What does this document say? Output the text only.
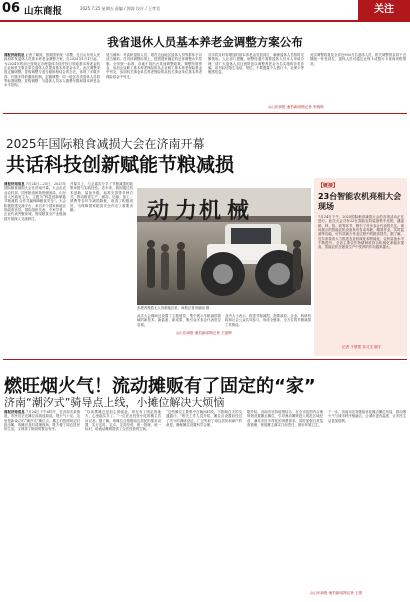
06 山东商报	2025.7.25 星期五 责编 / 郭涛 设计 / 王孝君	关注
我省退休人员基本养老金调整方案公布
商报济南消息 记者了解到，按照国家统一部署，近日山东省人民政府印发退休人员基本养老金调整方案，自2025年1月1日起，为2024年底前已按规定办理退休手续并按月领取基本养老金的企业和机关事业单位退休人员提高基本养老金水平。此次调整采取定额调整、挂钩调整与适当倾斜相结合的办法，体现了多缴多得、长缴多得的激励机制。定额调整：同一地区各类退休人员同等标准调整。挂钩调整：与退休人员本人缴费年限和基本养老金水平挂钩。
适当倾斜：对高龄退休人员、艰苦边远地区退休人员等群体予以适当倾斜。在具体调整标准上，按照国家确定的总体调整水平控制，全省统一标准，各地不再出台其他调整政策。调整所需资金，参加企业职工基本养老保险的从企业职工基本养老保险基金中列支，参加机关事业单位养老保险的从机关事业单位基本养老保险基金中列支。
各市将及时将增加的基本养老金发放到位，确保退休人员按时足额领取。人社部门提醒，调整待遇不需要退休人员本人申请办理，请广大退休人员注意防范以调整养老金为名实施的各类诈骗，切勿轻信陌生电话、短信，不要透露个人银行卡、社保卡等敏感信息。
此次调整将惠及全省近900万名退休人员，相关调整资金将于近期统一补发到位，退休人员可通过社保卡或银行卡查询到账情况。
◎山东商报·速豹新闻网记者 李瑞琪
2025年国际粮食减损大会在济南开幕
共话科技创新赋能节粮减损
商报济南消息 7月24日—25日，2025年国际粮食减损大会在济南开幕。大会由农业农村部、国家粮食和物资储备局、山东省人民政府主办，主题为“科技创新赋能节粮减损 合作共赢保障粮食安全”。大会积极搭建交流平台，来自多个国家和地区的政府官员、国际组织代表、专家学者、企业代表齐聚泉城，围绕粮食全产业链减损开展深入交流研讨。
开幕式上，与会嘉宾分享了节粮减损的政策举措与实践经验。近年来，我国通过技术创新、装备升级、标准完善等多种方式，推动粮食生产、储存、运输、加工、消费等各环节减损降耗，取得了积极成效，为保障国家粮食安全作出了重要贡献。	动 力 机 械
参观者观看无人驾驶拖拉机。商报记者刘丽丽 摄
此次大会期间还设置了主题展览，集中展示节粮减损领域的新技术、新装备、新成果，吸引众多参会代表驻足参观。
业内人士表示，推进节粮减损，需要政府、企业、科研机构和社会公众共同参与，形成全链条、全方位的节粮减损工作格局。
◎山东商报·速豹新闻网记者 王丽辉
【链接】
23台智能农机亮相大会现场
7月24日下午，2025国际粮食减损大会的各项活动正在进行。此次大会共有23台智能农机装备集中亮相，涵盖耕、种、管、收等环节，吸引了许多参会代表的关注。现场展示的智能农机设备具有自动驾驶、精准作业、实时监测等功能，可有效减少作业过程中的粮食损失。据了解，近年来我省大力推进农业机械化和智能化，农机装备水平不断提升，全省主要农作物耕种收综合机械化率稳步提高，智能农机在粮食生产中发挥的作用越来越大。
记者 于蒙蒙 实习生 谢宇
燃旺烟火气！流动摊贩有了固定的“家”
济南“潮汐式”骑导点上线，小摊位解决大烦恼
商报济南消息 7月24日下午6时许，在济南市某街道，市民们正在摊位前挑选商品，烟火气十足。这里是新设立的“潮汐式”摊位点，摊主们按照规定时段出摊，收摊后及时清理现场，既方便了周边居民的生活，又保持了街面的整洁有序。
“以前摆摊总是担心被驱赶，现在有了固定的地方，心里踏实多了。”一位在此经营小吃的摊主告诉记者。据了解，该摊位点根据周边居民的需求设置，实行定时、定点、定类经营，统一管理、统一标识，给流动摊贩提供了合法经营的空间。
“这些摊位主要集中在晚间时段，不影响白天的交通通行。”相关工作人员介绍，摊位点设置前经过了充分的调研论证，广泛听取了周边居民和商户的意见，确保摊位设置科学合理。
据介绍，济南市坚持疏堵结合，在全市范围内合理规划设置摊点摊位，引导流动摊贩进入规范区域经营，满足市民多样化的消费需求。同时加强日常巡查管理，督促摊主落实门前责任，做好环境卫生。
下一步，济南市还将继续优化摊点摊位布局，推动烟火气与城市秩序相融合，让城市更有温度，让市民生活更加便利。
◎山东商报·速豹新闻网记者 王婧
